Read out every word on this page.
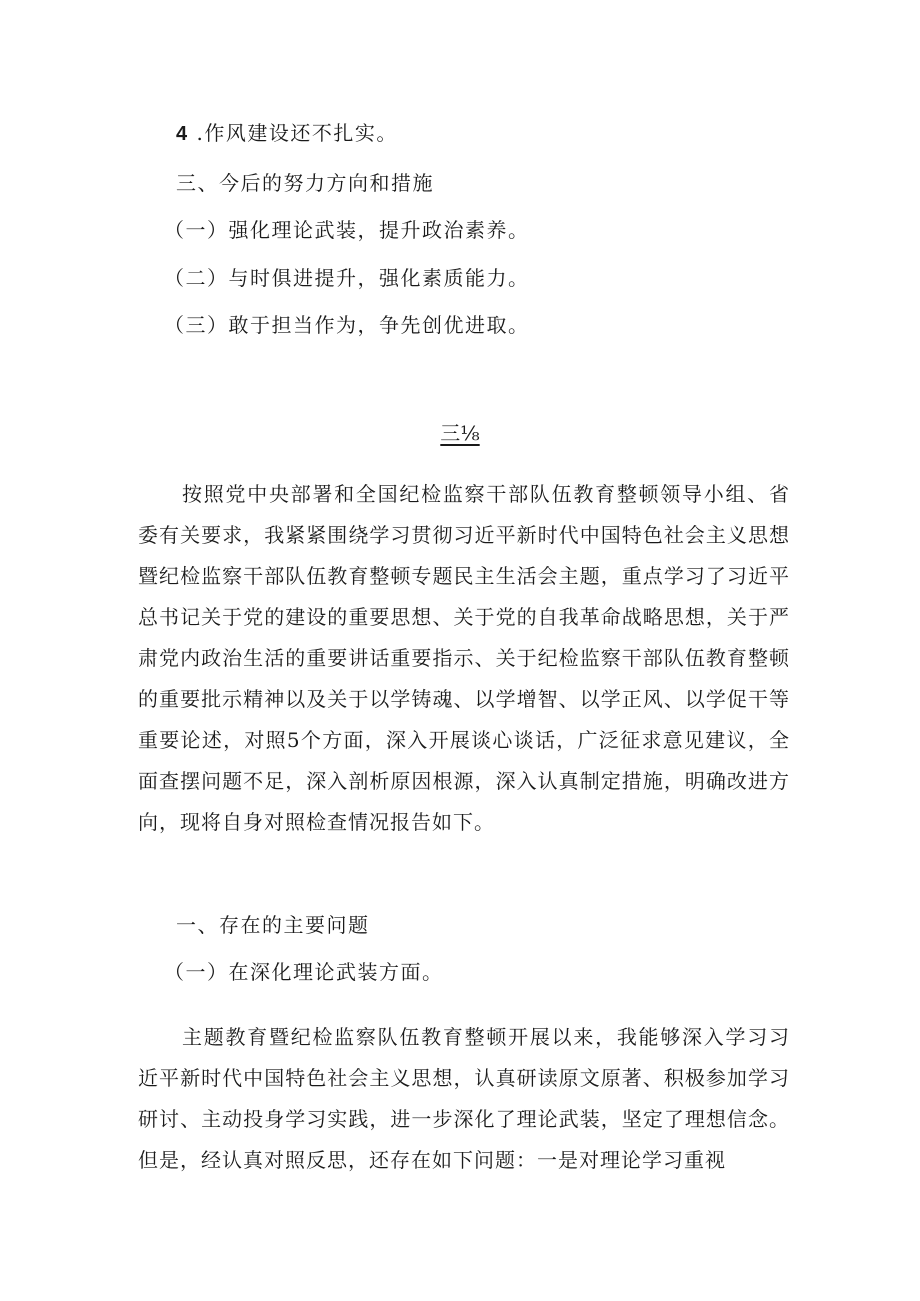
4 .作风建设还不扎实。

三、今后的努力方向和措施

（一）强化理论武装，提升政治素养。

（二）与时俱进提升，强化素质能力。

（三）敢于担当作为，争先创优进取。

三⅛

按照党中央部署和全国纪检监察干部队伍教育整顿领导小组、省委有关要求，我紧紧围绕学习贯彻习近平新时代中国特色社会主义思想暨纪检监察干部队伍教育整顿专题民主生活会主题，重点学习了习近平总书记关于党的建设的重要思想、关于党的自我革命战略思想，关于严肃党内政治生活的重要讲话重要指示、关于纪检监察干部队伍教育整顿的重要批示精神以及关于以学铸魂、以学增智、以学正风、以学促干等重要论述，对照5个方面，深入开展谈心谈话，广泛征求意见建议，全面查摆问题不足，深入剖析原因根源，深入认真制定措施，明确改进方向，现将自身对照检查情况报告如下。

一、存在的主要问题

（一）在深化理论武装方面。

主题教育暨纪检监察队伍教育整顿开展以来，我能够深入学习习近平新时代中国特色社会主义思想，认真研读原文原著、积极参加学习研讨、主动投身学习实践，进一步深化了理论武装，坚定了理想信念。但是，经认真对照反思，还存在如下问题：一是对理论学习重视
